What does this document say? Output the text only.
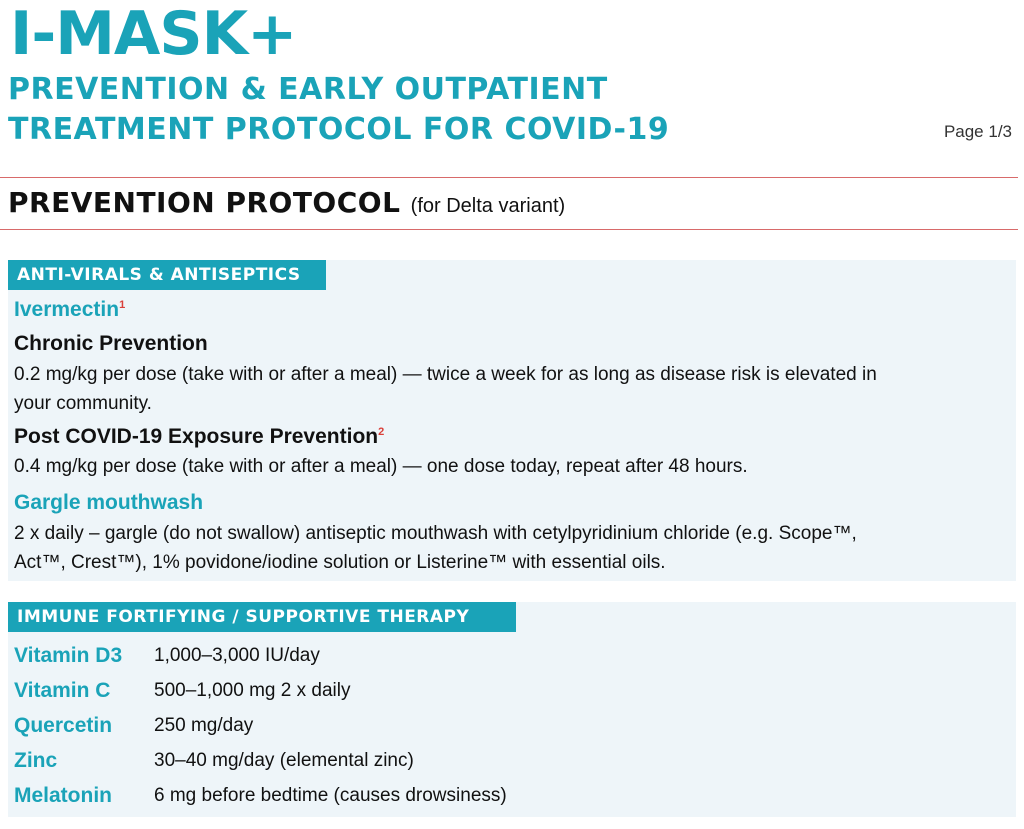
I-MASK+
PREVENTION & EARLY OUTPATIENT
TREATMENT PROTOCOL FOR COVID-19	Page 1/3
PREVENTION PROTOCOL (for Delta variant)
ANTI-VIRALS & ANTISEPTICS
Ivermectin$^1$
Chronic Prevention
0.2 mg/kg per dose (take with or after a meal) — twice a week for as long as disease risk is elevated in
your community.
Post COVID-19 Exposure Prevention$^2$
0.4 mg/kg per dose (take with or after a meal) — one dose today, repeat after 48 hours.
Gargle mouthwash
2 x daily – gargle (do not swallow) antiseptic mouthwash with cetylpyridinium chloride (e.g. Scope™,
Act™, Crest™), 1% povidone/iodine solution or Listerine™ with essential oils.
IMMUNE FORTIFYING / SUPPORTIVE THERAPY
Vitamin D3 1,000–3,000 IU/day
Vitamin C 500–1,000 mg 2 x daily
Quercetin 250 mg/day
Zinc	30–40 mg/day (elemental zinc)
Melatonin 6 mg before bedtime (causes drowsiness)
